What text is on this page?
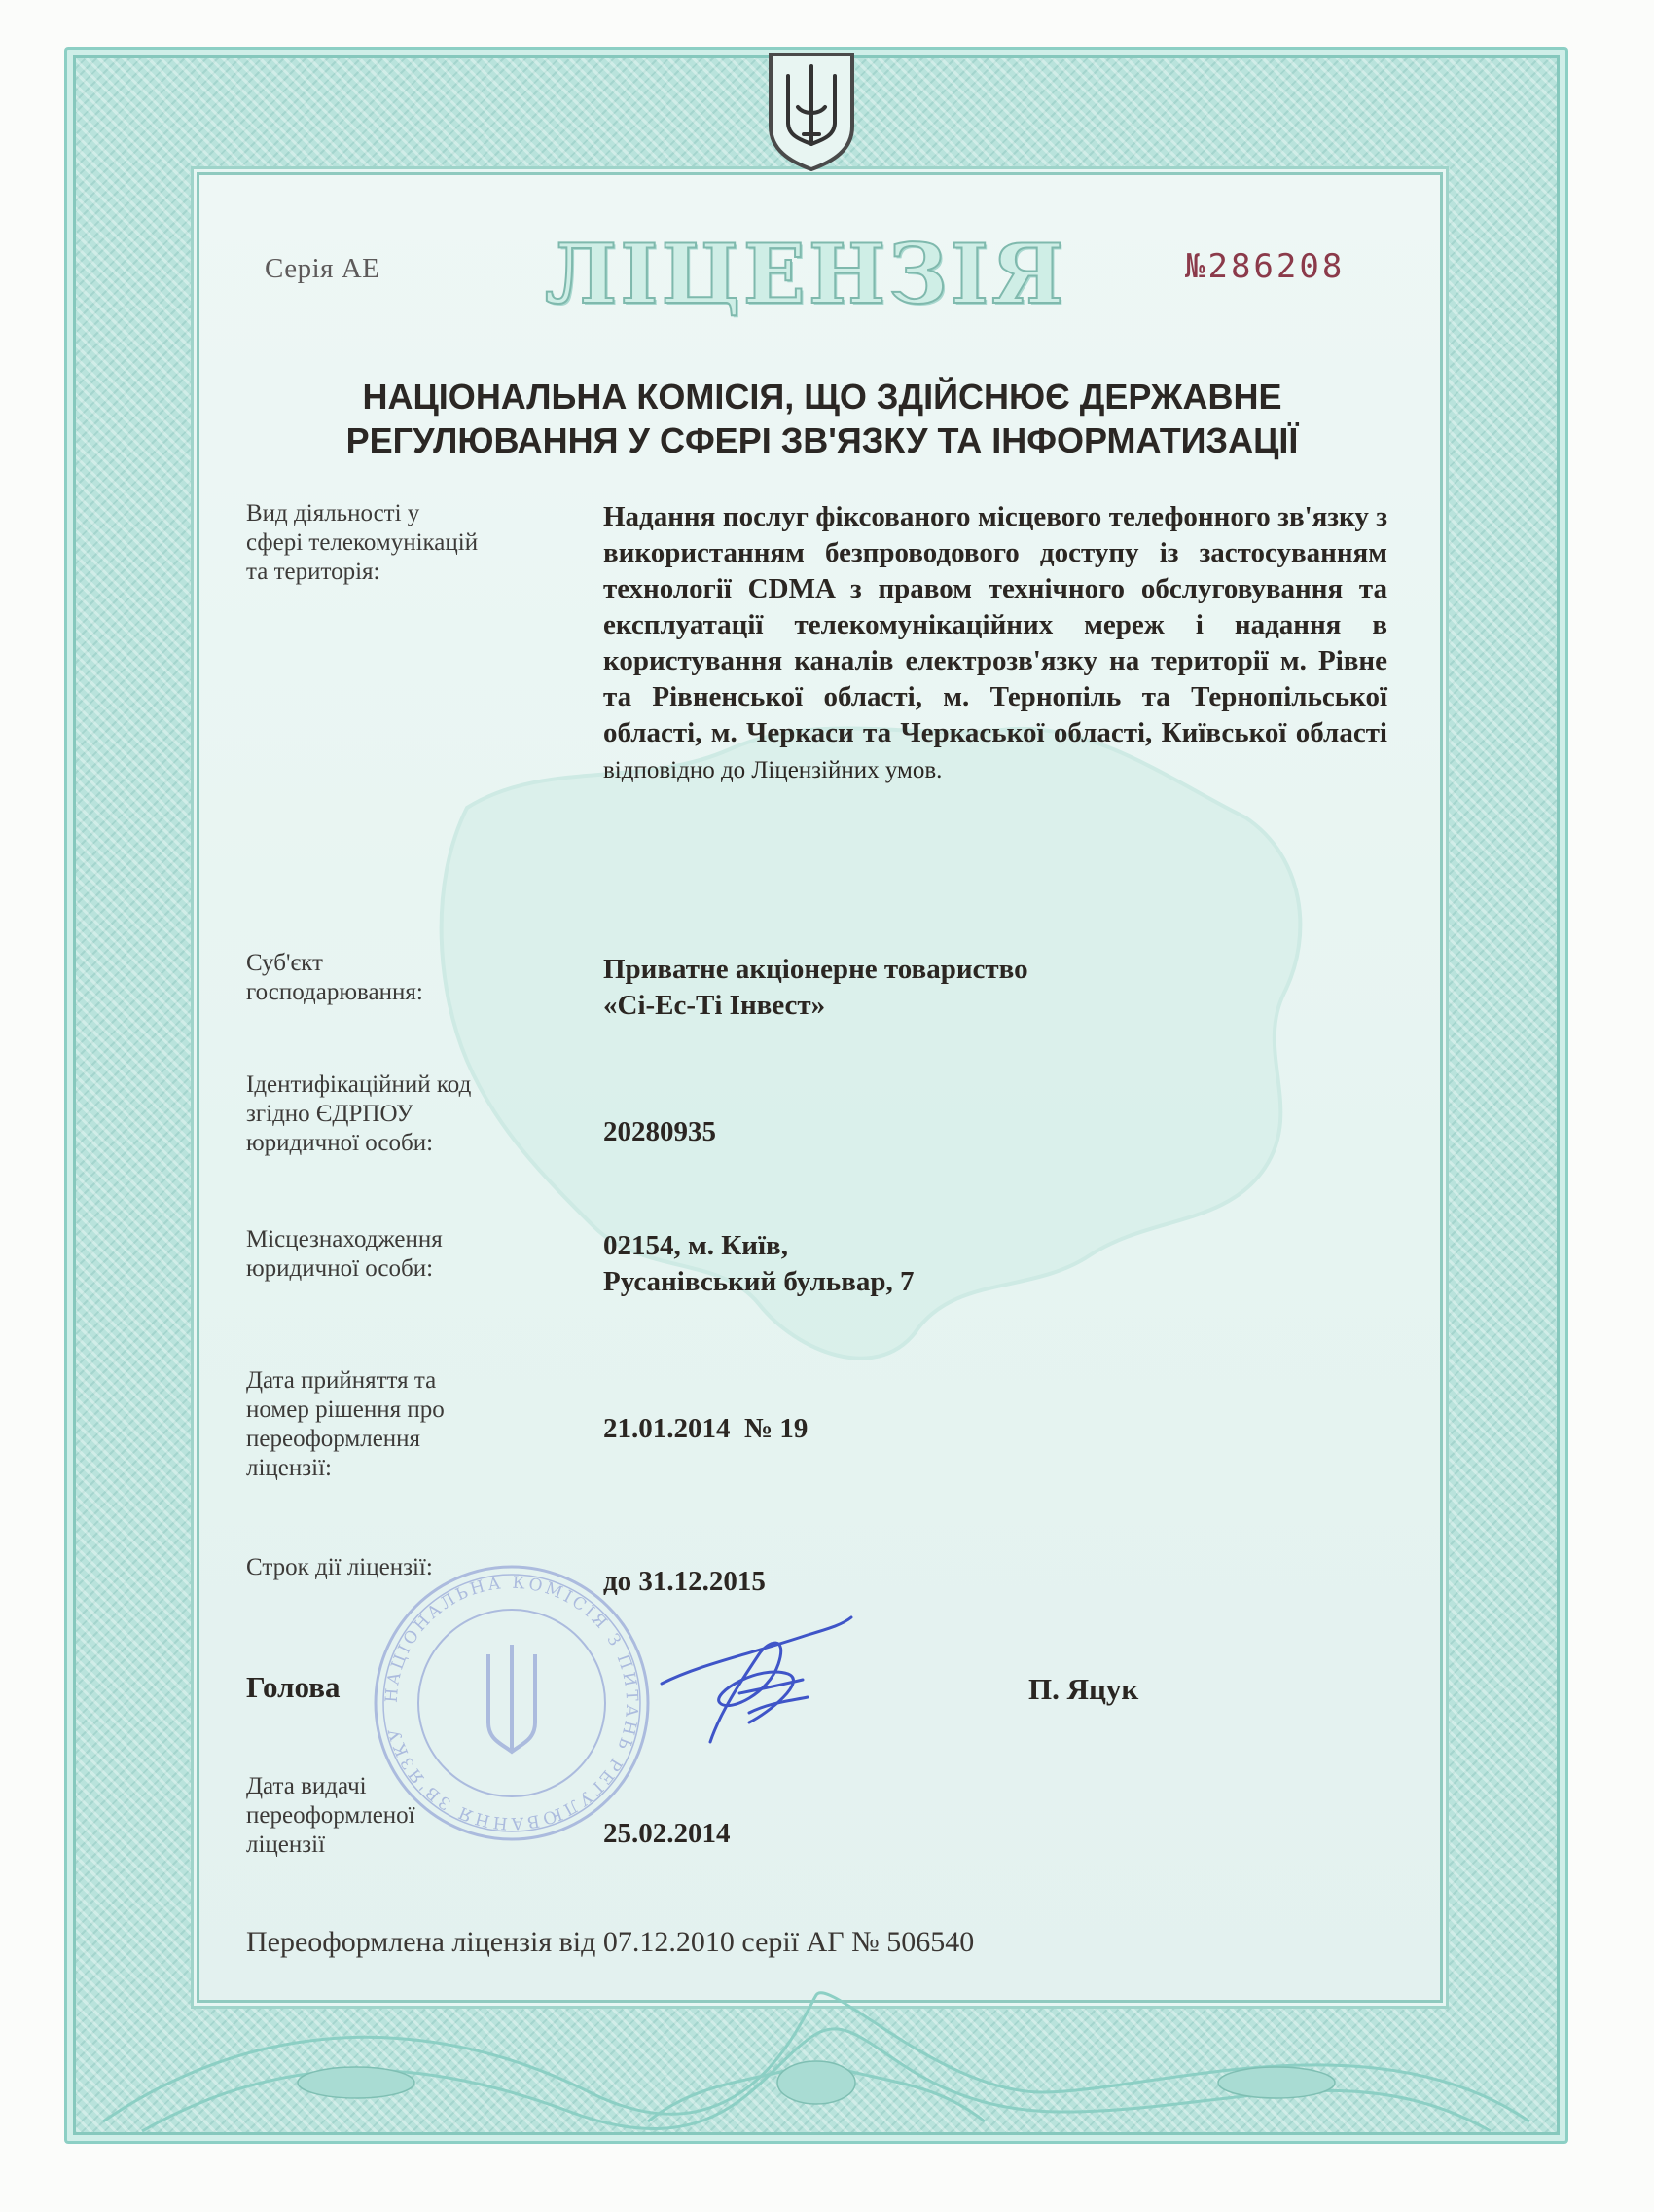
Серія АЕ ЛІЦЕНЗІЯ	№286208
НАЦІОНАЛЬНА КОМІСІЯ, ЩО ЗДІЙСНЮЄ ДЕРЖАВНЕ
РЕГУЛЮВАННЯ У СФЕРІ ЗВ'ЯЗКУ ТА ІНФОРМАТИЗАЦІЇ
Вид діяльності у
сфері телекомунікацій
та територія:
Надання послуг фіксованого місцевого телефонного зв'язку з використанням безпроводового доступу із застосуванням технології CDMA з правом технічного обслуговування та експлуатації телекомунікаційних мереж і надання в користування каналів електрозв'язку на території м. Рівне та Рівненської області, м. Тернопіль та Тернопільської області, м. Черкаси та Черкаської області, Київської області відповідно до Ліцензійних умов.
Суб'єкт
господарювання:
Приватне акціонерне товариство
«Сі-Ес-Ті Інвест»
Ідентифікаційний код
згідно ЄДРПОУ
юридичної особи:	20280935
Місцезнаходження
юридичної особи:
02154, м. Київ,
Русанівський бульвар, 7
Дата прийняття та
номер рішення про
переоформлення
ліцензії:
21.01.2014  № 19
Строк дії ліцензії:	до 31.12.2015
НАЦІОНАЛЬНА КОМІСІЯ З ПИТАНЬ РЕГУЛЮВАННЯ ЗВ'ЯЗКУ
Голова	П. Яцук
Дата видачі
переоформленої
ліцензії	25.02.2014
Переоформлена ліцензія від 07.12.2010 серії АГ № 506540
